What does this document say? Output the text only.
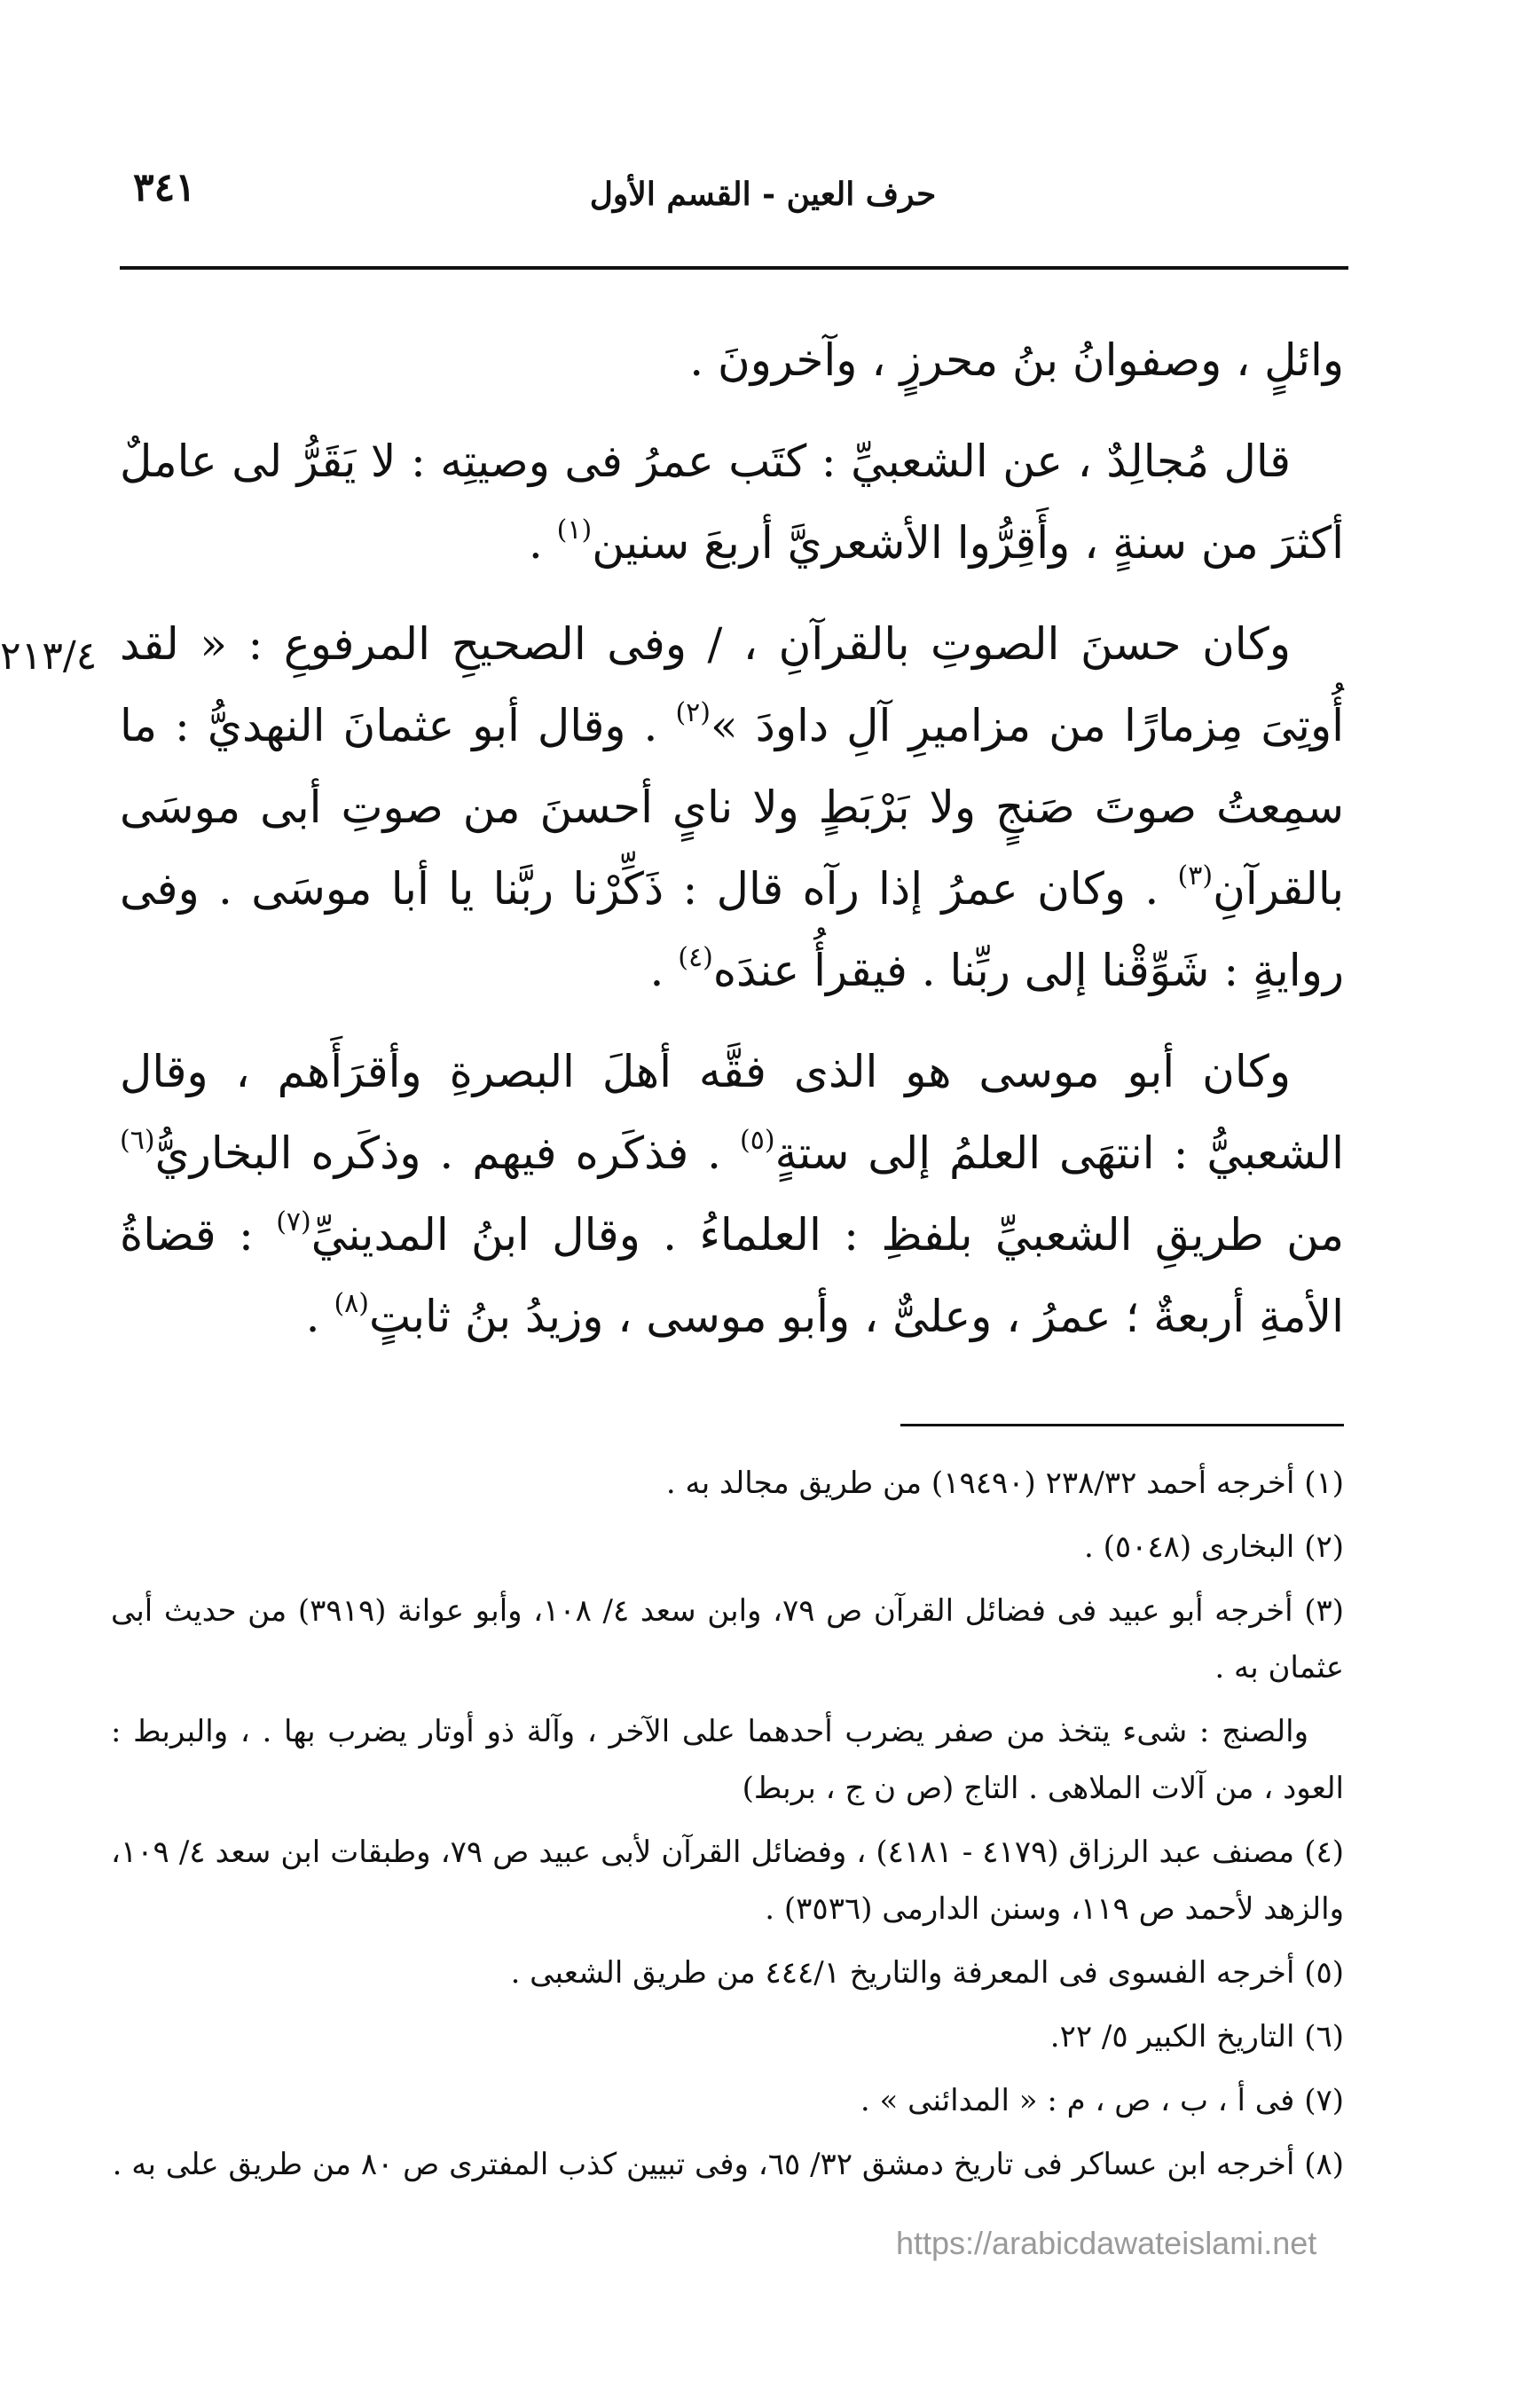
حرف العين - القسم الأول
٣٤١
٢١٣/٤

وائلٍ ، وصفوانُ بنُ محرزٍ ، وآخرونَ .

قال مُجالِدٌ ، عن الشعبيِّ : كتَب عمرُ فى وصيتِه : لا يَقَرُّ لى عاملٌ أكثرَ من سنةٍ ، وأَقِرُّوا الأشعريَّ أربعَ سنين$^{(١)}$ .

وكان حسنَ الصوتِ بالقرآنِ ، / وفى الصحيحِ المرفوعِ : « لقد أُوتِىَ مِزمارًا من مزاميرِ آلِ داودَ »$^{(٢)}$ . وقال أبو عثمانَ النهديُّ : ما سمِعتُ صوتَ صَنجٍ ولا بَرْبَطٍ ولا ناىٍ أحسنَ من صوتِ أبى موسَى بالقرآنِ$^{(٣)}$ . وكان عمرُ إذا رآه قال : ذَكِّرْنا ربَّنا يا أبا موسَى . وفى روايةٍ : شَوِّقْنا إلى ربِّنا . فيقرأُ عندَه$^{(٤)}$ .

وكان أبو موسى هو الذى فقَّه أهلَ البصرةِ وأقرَأَهم ، وقال الشعبيُّ : انتهَى العلمُ إلى ستةٍ$^{(٥)}$ . فذكَره فيهم . وذكَره البخاريُّ$^{(٦)}$ من طريقِ الشعبيِّ بلفظِ : العلماءُ . وقال ابنُ المدينيِّ$^{(٧)}$ : قضاةُ الأمةِ أربعةٌ ؛ عمرُ ، وعلىٌّ ، وأبو موسى ، وزيدُ بنُ ثابتٍ$^{(٨)}$ .

(١) أخرجه أحمد ٢٣٨/٣٢ (١٩٤٩٠) من طريق مجالد به .

(٢) البخارى (٥٠٤٨) .

(٣) أخرجه أبو عبيد فى فضائل القرآن ص ٧٩، وابن سعد ٤/ ١٠٨، وأبو عوانة (٣٩١٩) من حديث أبى عثمان به .

والصنج : شىء يتخذ من صفر يضرب أحدهما على الآخر ، وآلة ذو أوتار يضرب بها . ، والبربط : العود ، من آلات الملاهى . التاج (ص ن ج ، بربط)

(٤) مصنف عبد الرزاق (٤١٧٩ - ٤١٨١) ، وفضائل القرآن لأبى عبيد ص ٧٩، وطبقات ابن سعد ٤/ ١٠٩، والزهد لأحمد ص ١١٩، وسنن الدارمى (٣٥٣٦) .

(٥) أخرجه الفسوى فى المعرفة والتاريخ ٤٤٤/١ من طريق الشعبى .

(٦) التاريخ الكبير ٥/ ٢٢.

(٧) فى أ ، ب ، ص ، م : « المدائنى » .

(٨) أخرجه ابن عساكر فى تاريخ دمشق ٣٢/ ٦٥، وفى تبيين كذب المفترى ص ٨٠ من طريق على به .

https://arabicdawateislami.net
